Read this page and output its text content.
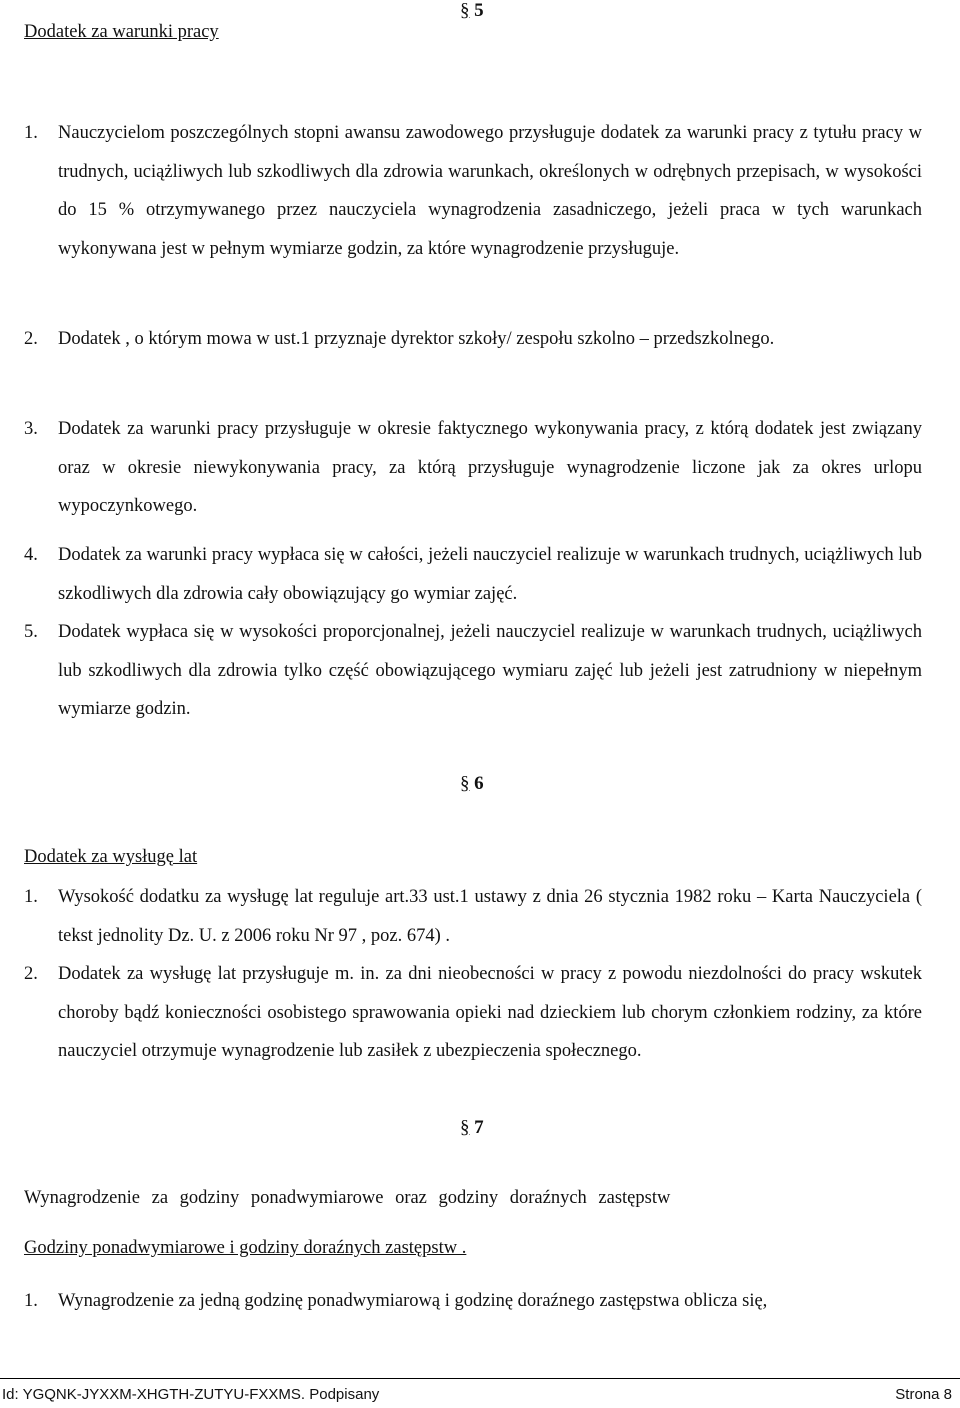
§ 5
Dodatek za warunki pracy
1. Nauczycielom poszczególnych stopni awansu zawodowego przysługuje dodatek za warunki pracy z tytułu pracy w trudnych, uciążliwych lub szkodliwych dla zdrowia warunkach, określonych w odrębnych przepisach, w wysokości do 15 % otrzymywanego przez nauczyciela wynagrodzenia zasadniczego, jeżeli praca w tych warunkach wykonywana jest w pełnym wymiarze godzin, za które wynagrodzenie przysługuje.
2. Dodatek , o którym mowa w ust.1 przyznaje dyrektor szkoły/ zespołu szkolno – przedszkolnego.
3. Dodatek za warunki pracy przysługuje w okresie faktycznego wykonywania pracy, z którą dodatek jest związany oraz w okresie niewykonywania pracy, za którą przysługuje wynagrodzenie liczone jak za okres urlopu wypoczynkowego.
4. Dodatek za warunki pracy wypłaca się w całości, jeżeli nauczyciel realizuje w warunkach trudnych, uciążliwych lub szkodliwych dla zdrowia cały obowiązujący go wymiar zajęć.
5. Dodatek wypłaca się w wysokości proporcjonalnej, jeżeli nauczyciel realizuje w warunkach trudnych, uciążliwych lub szkodliwych dla zdrowia tylko część obowiązującego wymiaru zajęć lub jeżeli jest zatrudniony w niepełnym wymiarze godzin.
§ 6
Dodatek za wysługę lat
1. Wysokość dodatku za wysługę lat reguluje art.33 ust.1 ustawy z dnia 26 stycznia 1982 roku – Karta Nauczyciela ( tekst jednolity Dz. U. z 2006 roku Nr 97 , poz. 674) .
2. Dodatek za wysługę lat przysługuje m. in. za dni nieobecności w pracy z powodu niezdolności do pracy wskutek choroby bądź konieczności osobistego sprawowania opieki nad dzieckiem lub chorym członkiem rodziny, za które nauczyciel otrzymuje wynagrodzenie lub zasiłek z ubezpieczenia społecznego.
§ 7
Wynagrodzenie za godziny ponadwymiarowe oraz godziny doraźnych zastępstw
Godziny ponadwymiarowe i godziny doraźnych zastępstw .
1. Wynagrodzenie za jedną godzinę ponadwymiarową i godzinę doraźnego zastępstwa oblicza się,
Id: YGQNK-JYXXM-XHGTH-ZUTYU-FXXMS. Podpisany	Strona 8
